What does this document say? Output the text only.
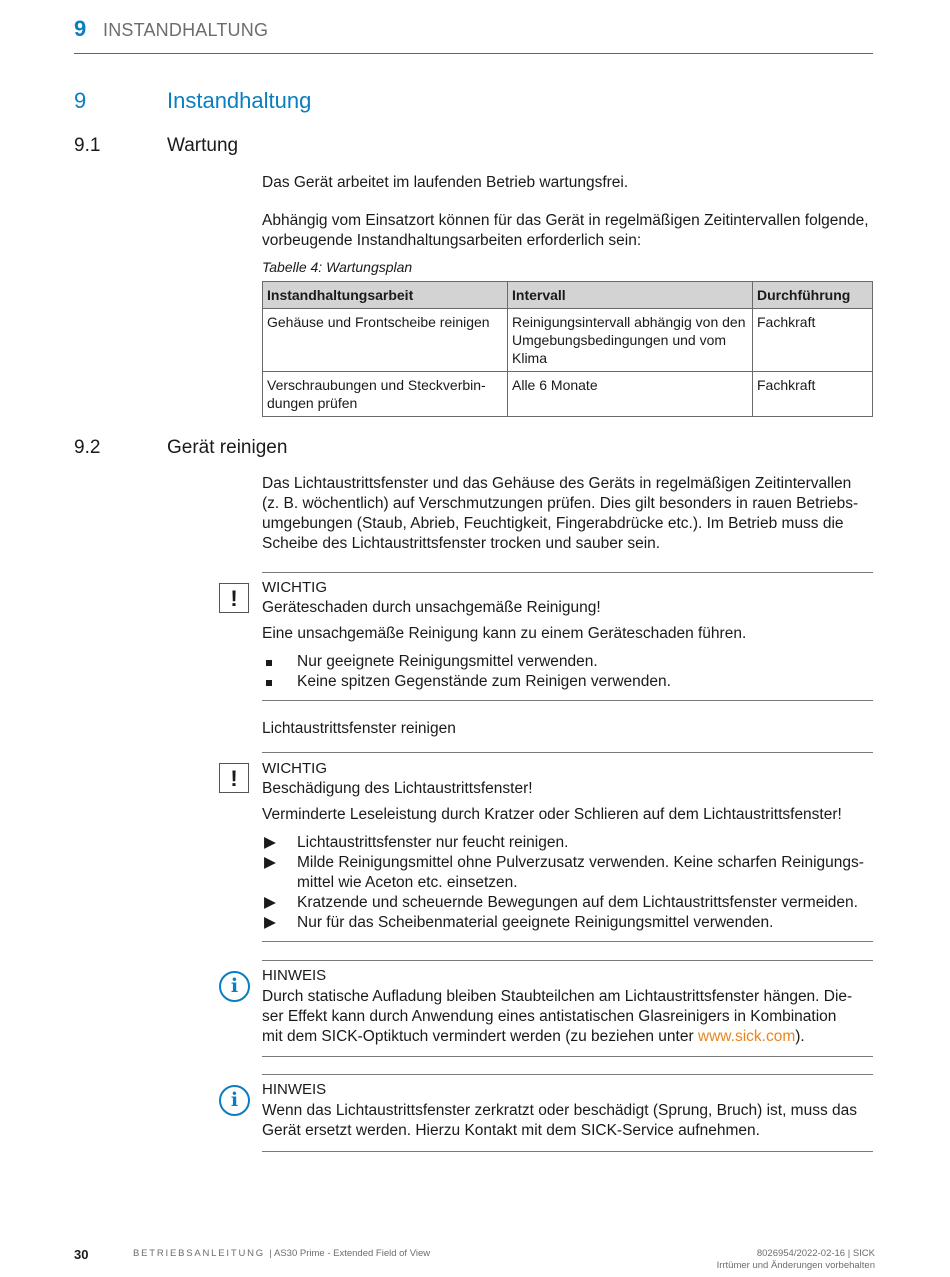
9 INSTANDHALTUNG
9	Instandhaltung
9.1	Wartung
Das Gerät arbeitet im laufenden Betrieb wartungsfrei.
Abhängig vom Einsatzort können für das Gerät in regelmäßigen Zeitintervallen folgende,
vorbeugende Instandhaltungsarbeiten erforderlich sein:
Tabelle 4: Wartungsplan
Instandhaltungsarbeit	Intervall	Durchführung
Gehäuse und Frontscheibe reinigen	Reinigungsintervall abhängig von den Umgebungsbedingungen und vom Klima	Fachkraft
Verschraubungen und Steckverbindungen prüfen	Alle 6 Monate	Fachkraft
9.2	Gerät reinigen
Das Lichtaustrittsfenster und das Gehäuse des Geräts in regelmäßigen Zeitintervallen
(z. B. wöchentlich) auf Verschmutzungen prüfen. Dies gilt besonders in rauen Betriebs-
umgebungen (Staub, Abrieb, Feuchtigkeit, Fingerabdrücke etc.). Im Betrieb muss die
Scheibe des Lichtaustrittsfenster trocken und sauber sein.
!	WICHTIG
Geräteschaden durch unsachgemäße Reinigung!
Eine unsachgemäße Reinigung kann zu einem Geräteschaden führen.
Nur geeignete Reinigungsmittel verwenden.
Keine spitzen Gegenstände zum Reinigen verwenden.
Lichtaustrittsfenster reinigen
!	WICHTIG
Beschädigung des Lichtaustrittsfenster!
Verminderte Leseleistung durch Kratzer oder Schlieren auf dem Lichtaustrittsfenster!
▶ Lichtaustrittsfenster nur feucht reinigen.
▶ Milde Reinigungsmittel ohne Pulverzusatz verwenden. Keine scharfen Reinigungs-
mittel wie Aceton etc. einsetzen.
▶ Kratzende und scheuernde Bewegungen auf dem Lichtaustrittsfenster vermeiden.
▶ Nur für das Scheibenmaterial geeignete Reinigungsmittel verwenden.
i	HINWEIS
Durch statische Aufladung bleiben Staubteilchen am Lichtaustrittsfenster hängen. Die-
ser Effekt kann durch Anwendung eines antistatischen Glasreinigers in Kombination
mit dem SICK-Optiktuch vermindert werden (zu beziehen unter www.sick.com).
i	HINWEIS
Wenn das Lichtaustrittsfenster zerkratzt oder beschädigt (Sprung, Bruch) ist, muss das
Gerät ersetzt werden. Hierzu Kontakt mit dem SICK-Service aufnehmen.
30	BETRIEBSANLEITUNG | AS30 Prime - Extended Field of View	8026954/2022-02-16 | SICK
Irrtümer und Änderungen vorbehalten
